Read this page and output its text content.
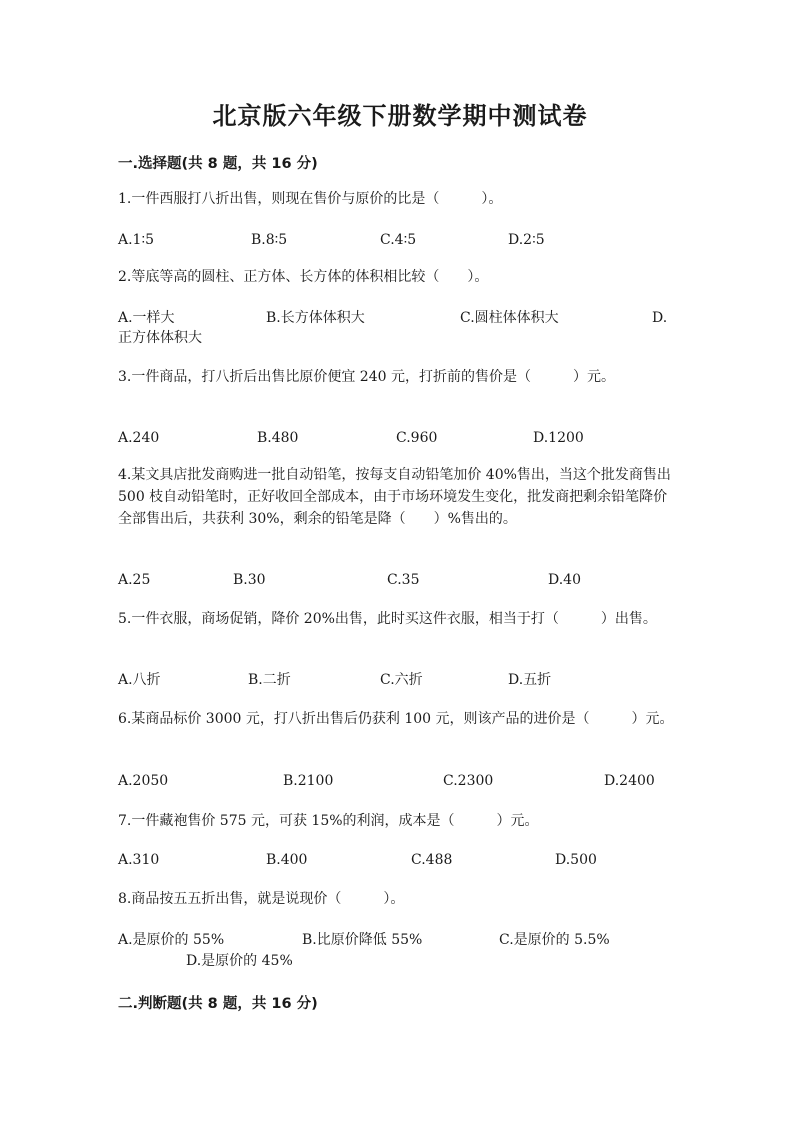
北京版六年级下册数学期中测试卷
一.选择题(共 8 题，共 16 分)
1.一件西服打八折出售，则现在售价与原价的比是（　　　）。
A.1∶5	B.8∶5	C.4∶5	D.2∶5
2.等底等高的圆柱、正方体、长方体的体积相比较（　　）。
A.一样大	B.长方体体积大	C.圆柱体体积大	D.
正方体体积大
3.一件商品，打八折后出售比原价便宜 240 元，打折前的售价是（　　　）元。
A.240	B.480	C.960	D.1200
4.某文具店批发商购进一批自动铅笔，按每支自动铅笔加价 40%售出，当这个批发商售出 500 枝自动铅笔时，正好收回全部成本，由于市场环境发生变化，批发商把剩余铅笔降价全部售出后，共获利 30%，剩余的铅笔是降（　　）%售出的。
A.25	B.30	C.35	D.40
5.一件衣服，商场促销，降价 20%出售，此时买这件衣服，相当于打（　　　）出售。
A.八折	B.二折	C.六折	D.五折
6.某商品标价 3000 元，打八折出售后仍获利 100 元，则该产品的进价是（　　　）元。
A.2050	B.2100	C.2300	D.2400
7.一件藏袍售价 575 元，可获 15%的利润，成本是（　　　）元。
A.310	B.400	C.488	D.500
8.商品按五五折出售，就是说现价（　　　）。
A.是原价的 55%	B.比原价降低 55%	C.是原价的 5.5%
D.是原价的 45%
二.判断题(共 8 题，共 16 分)
